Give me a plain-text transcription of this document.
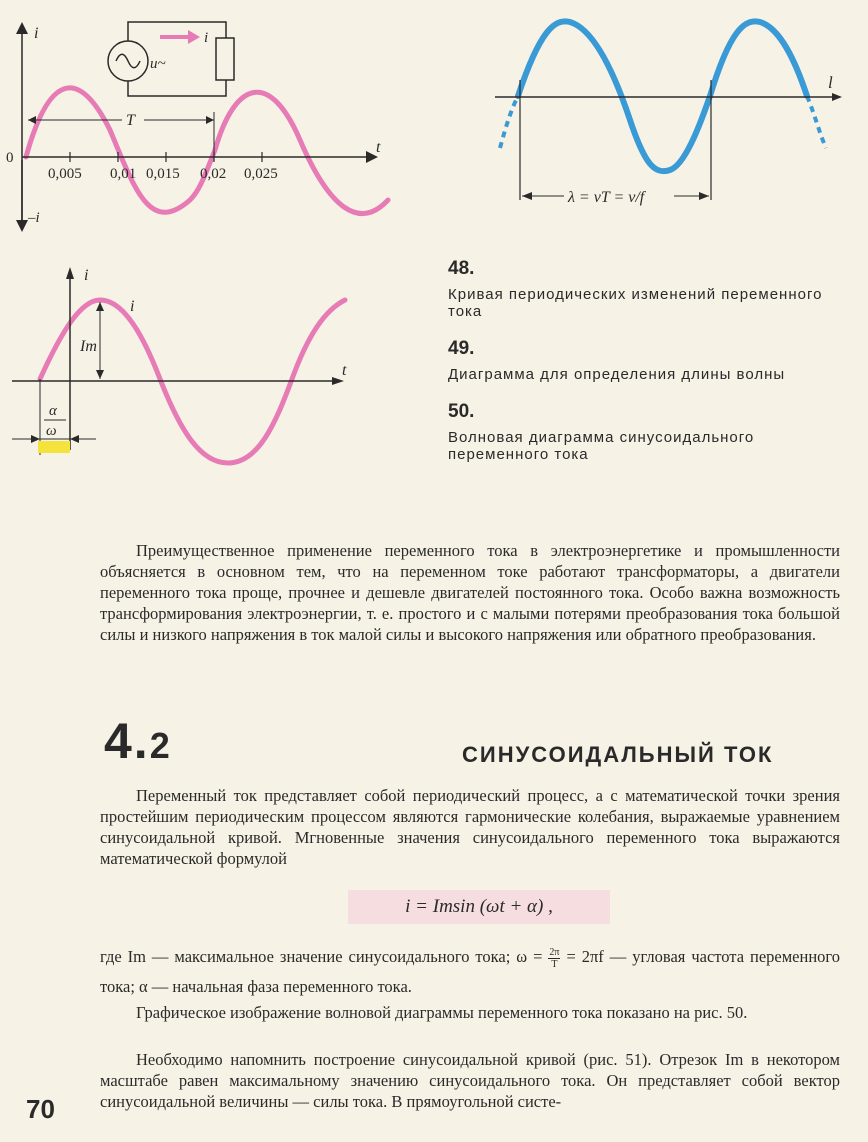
0,005 0,01 0,015 0,02 0,025
i
–i
t
0
T
u~
i
l
λ = νT = ν/f
i
t
i
Im
α
ω
48.
Кривая периодических изменений переменного тока
49.
Диаграмма для определения длины волны
50.
Волновая диаграмма синусоидального переменного тока

Преимущественное применение переменного тока в электроэнергетике и промышленности объясняется в основном тем, что на переменном токе работают трансформаторы, а двигатели переменного тока проще, прочнее и дешевле двигателей постоянного тока. Особо важна возможность трансформирования электроэнергии, т. е. простого и с малыми потерями преобразования тока большой силы и низкого напряжения в ток малой силы и высокого напряжения или обратного преобразования.

4.2	СИНУСОИДАЛЬНЫЙ ТОК

Переменный ток представляет собой периодический процесс, а с математической точки зрения простейшим периодическим процессом являются гармонические колебания, выражаемые уравнением синусоидальной кривой. Мгновенные значения синусоидального переменного тока выражаются математической формулой

i = Imsin (ωt + α) ,
где Im — максимальное значение синусоидального тока; $\omega = \frac{2\pi}{T} = 2\pi f$ — угловая частота переменного тока; α — начальная фаза переменного тока.

Графическое изображение волновой диаграммы переменного тока показано на рис. 50.

Необходимо напомнить построение синусоидальной кривой (рис. 51). Отрезок Im в некотором масштабе равен максимальному значению синусоидального тока. Он представляет собой вектор синусоидальной величины — силы тока. В прямоугольной систе-

70
